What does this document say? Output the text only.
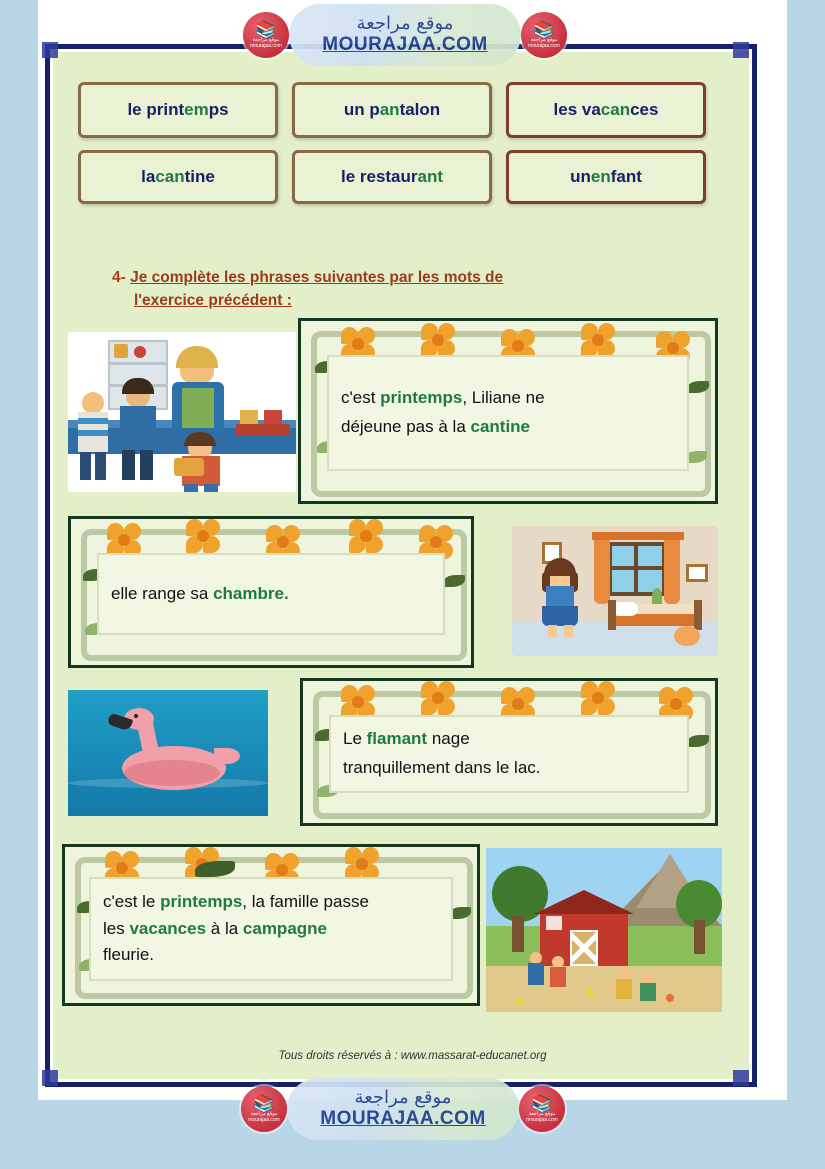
📚
موقع مراجعة mourajaa.com
موقع مراجعة
MOURAJAA.COM
📚
موقع مراجعة mourajaa.com
le print em ps	un p an talon	les va can ces
la can tine	le restaur ant	un en fant
4- Je complète les phrases suivantes par les mots de
l'exercice précédent :
c'est printemps, Liliane ne
déjeune pas à la cantine
elle range sa chambre.
Le flamant nage
tranquillement dans le lac.
c'est le printemps, la famille passe
les vacances à la campagne
fleurie.
Tous droits réservés à : www.massarat-educanet.org
📚
موقع مراجعة mourajaa.com
موقع مراجعة
MOURAJAA.COM
📚
موقع مراجعة mourajaa.com
